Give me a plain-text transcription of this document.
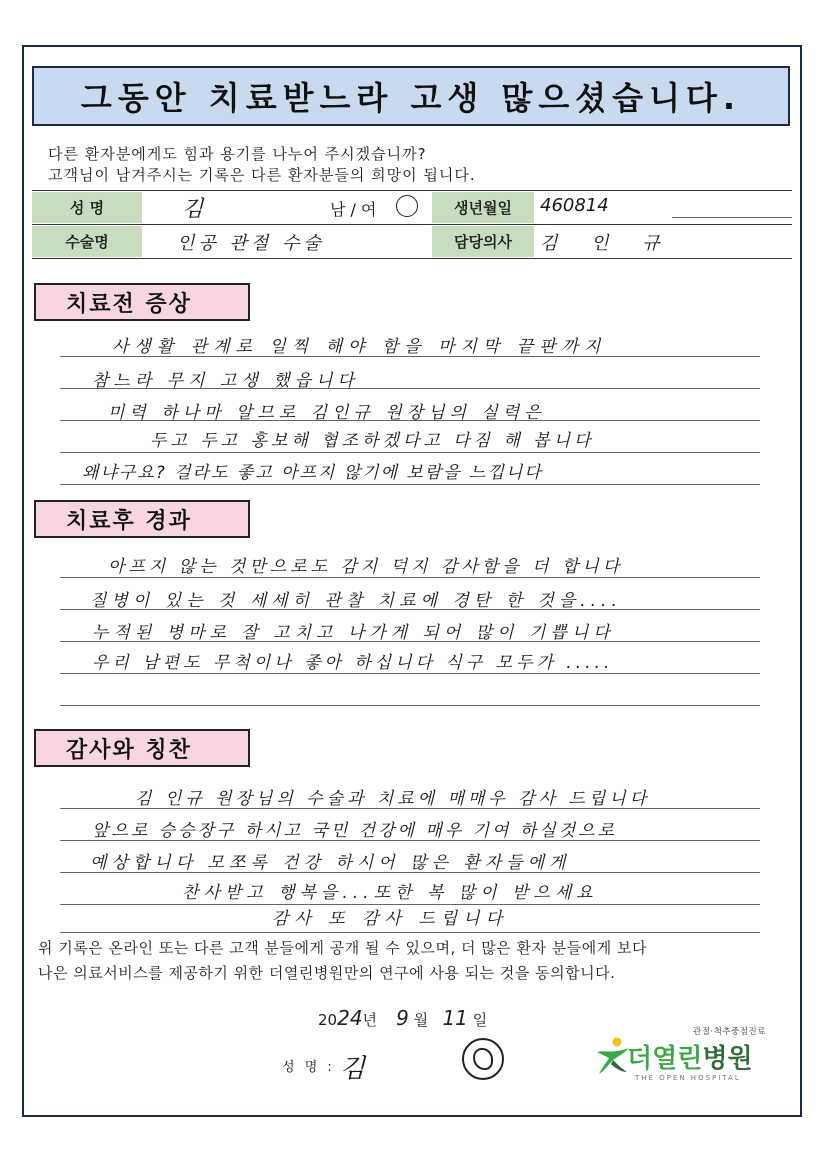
그동안 치료받느라 고생 많으셨습니다.
다른 환자분에게도 힘과 용기를 나누어 주시겠습니까?
고객님이 남겨주시는 기록은 다른 환자분들의 희망이 됩니다.
성 명	김	남 / 여	생년월일	460814
수술명	인공 관절 수술	담당의사	김 인 규
치료전 증상
사생활 관계로 일찍 해야 함을 마지막 끝판까지
참느라 무지 고생 했읍니다
미력 하나마 알므로 김인규 원장님의 실력은
두고 두고 홍보해 협조하겠다고 다짐 해 봅니다
왜냐구요? 걸라도 좋고 아프지 않기에 보람을 느낍니다
치료후 경과
아프지 않는 것만으로도 감지 덕지 감사함을 더 합니다
질병이 있는 것 세세히 관찰 치료에 경탄 한 것을....
누적된 병마로 잘 고치고 나가게 되어 많이 기쁩니다
우리 남편도 무척이나 좋아 하십니다 식구 모두가 .....
감사와 칭찬
김 인규 원장님의 수술과 치료에 매매우 감사 드립니다
앞으로 승승장구 하시고 국민 건강에 매우 기여 하실것으로
예상합니다 모쪼록 건강 하시어 많은 환자들에게
찬사받고 행복을...또한 복 많이 받으세요
감사 또 감사 드립니다
위 기록은 온라인 또는 다른 고객 분들에게 공개 될 수 있으며, 더 많은 환자 분들에게 보다
나은 의료서비스를 제공하기 위한 더열린병원만의 연구에 사용 되는 것을 동의합니다.
2024년 9 월 11 일
성 명 : 김
관절·척추중점진료
더열린병원
THE OPEN HOSPITAL
